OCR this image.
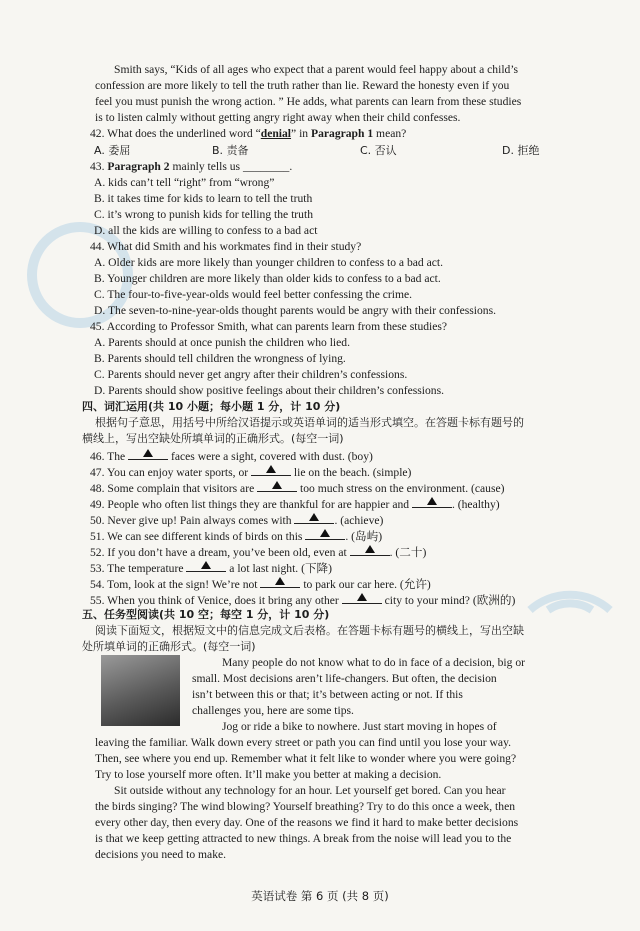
Smith says, “Kids of all ages who expect that a parent would feel happy about a child’s
confession are more likely to tell the truth rather than lie. Reward the honesty even if you
feel you must punish the wrong action. ” He adds, what parents can learn from these studies
is to listen calmly without getting angry right away when their child confesses.
42. What does the underlined word “denial” in Paragraph 1 mean?
A. 委屈	B. 责备	C. 否认	D. 拒绝
43. Paragraph 2 mainly tells us ________.
A. kids can’t tell “right” from “wrong”
B. it takes time for kids to learn to tell the truth
C. it’s wrong to punish kids for telling the truth
D. all the kids are willing to confess to a bad act
44. What did Smith and his workmates find in their study?
A. Older kids are more likely than younger children to confess to a bad act.
B. Younger children are more likely than older kids to confess to a bad act.
C. The four-to-five-year-olds would feel better confessing the crime.
D. The seven-to-nine-year-olds thought parents would be angry with their confessions.
45. According to Professor Smith, what can parents learn from these studies?
A. Parents should at once punish the children who lied.
B. Parents should tell children the wrongness of lying.
C. Parents should never get angry after their children’s confessions.
D. Parents should show positive feelings about their children’s confessions.
四、词汇运用(共 10 小题；每小题 1 分，计 10 分)
根据句子意思，用括号中所给汉语提示或英语单词的适当形式填空。在答题卡标有题号的
横线上，写出空缺处所填单词的正确形式。(每空一词)
46. The	faces were a sight, covered with dust. (boy)
47. You can enjoy water sports, or	lie on the beach. (simple)
48. Some complain that visitors are	too much stress on the environment. (cause)
49. People who often list things they are thankful for are happier and	. (healthy)
50. Never give up! Pain always comes with	. (achieve)
51. We can see different kinds of birds on this	. (岛屿)
52. If you don’t have a dream, you’ve been old, even at	. (二十)
53. The temperature	a lot last night. (下降)
54. Tom, look at the sign! We’re not	to park our car here. (允许)
55. When you think of Venice, does it bring any other	city to your mind? (欧洲的)
五、任务型阅读(共 10 空；每空 1 分，计 10 分)
阅读下面短文，根据短文中的信息完成文后表格。在答题卡标有题号的横线上，写出空缺
处所填单词的正确形式。(每空一词)
Many people do not know what to do in face of a decision, big or
small. Most decisions aren’t life-changers. But often, the decision
isn’t between this or that; it’s between acting or not. If this
challenges you, here are some tips.
Jog or ride a bike to nowhere. Just start moving in hopes of
leaving the familiar. Walk down every street or path you can find until you lose your way.
Then, see where you end up. Remember what it felt like to wonder where you were going?
Try to lose yourself more often. It’ll make you better at making a decision.
Sit outside without any technology for an hour. Let yourself get bored. Can you hear
the birds singing? The wind blowing? Yourself breathing? Try to do this once a week, then
every other day, then every day. One of the reasons we find it hard to make better decisions
is that we keep getting attracted to new things. A break from the noise will lead you to the
decisions you need to make.
英语试卷 第 6 页 (共 8 页)
